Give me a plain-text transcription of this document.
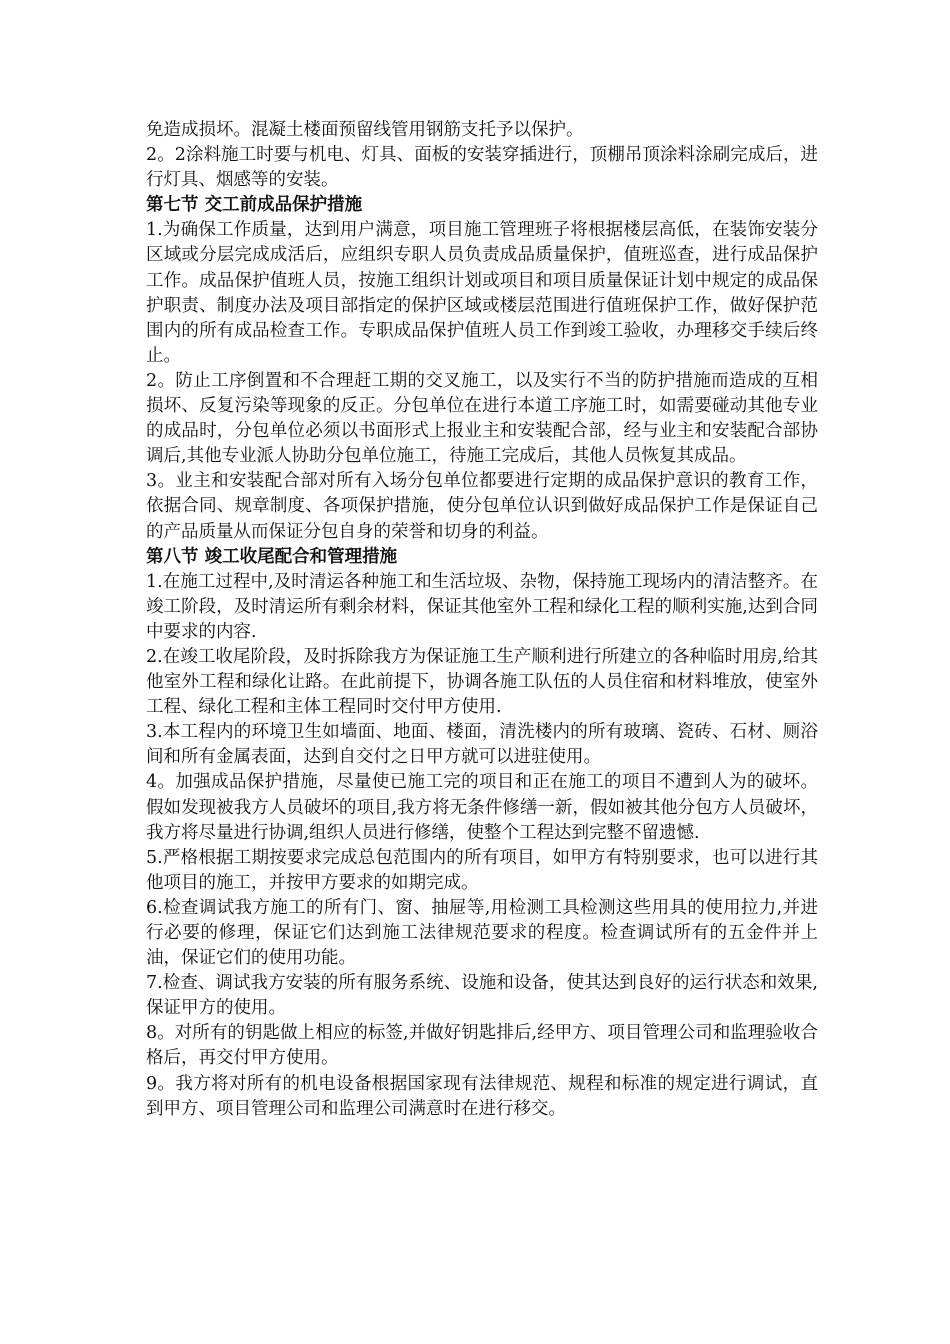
免造成损坏。混凝土楼面预留线管用钢筋支托予以保护。

2。2涂料施工时要与机电、灯具、面板的安装穿插进行，顶棚吊顶涂料涂刷完成后，进行灯具、烟感等的安装。

第七节 交工前成品保护措施

1.为确保工作质量，达到用户满意，项目施工管理班子将根据楼层高低，在装饰安装分区域或分层完成成活后，应组织专职人员负责成品质量保护，值班巡查，进行成品保护工作。成品保护值班人员，按施工组织计划或项目和项目质量保证计划中规定的成品保护职责、制度办法及项目部指定的保护区域或楼层范围进行值班保护工作，做好保护范围内的所有成品检查工作。专职成品保护值班人员工作到竣工验收，办理移交手续后终止。

2。防止工序倒置和不合理赶工期的交叉施工，以及实行不当的防护措施而造成的互相损坏、反复污染等现象的反正。分包单位在进行本道工序施工时，如需要碰动其他专业的成品时，分包单位必须以书面形式上报业主和安装配合部，经与业主和安装配合部协调后,其他专业派人协助分包单位施工，待施工完成后，其他人员恢复其成品。

3。业主和安装配合部对所有入场分包单位都要进行定期的成品保护意识的教育工作，依据合同、规章制度、各项保护措施，使分包单位认识到做好成品保护工作是保证自己的产品质量从而保证分包自身的荣誉和切身的利益。

第八节 竣工收尾配合和管理措施

1.在施工过程中,及时清运各种施工和生活垃圾、杂物，保持施工现场内的清洁整齐。在竣工阶段，及时清运所有剩余材料，保证其他室外工程和绿化工程的顺利实施,达到合同中要求的内容.

2.在竣工收尾阶段，及时拆除我方为保证施工生产顺利进行所建立的各种临时用房,给其他室外工程和绿化让路。在此前提下，协调各施工队伍的人员住宿和材料堆放，使室外工程、绿化工程和主体工程同时交付甲方使用.

3.本工程内的环境卫生如墙面、地面、楼面，清洗楼内的所有玻璃、瓷砖、石材、厕浴间和所有金属表面，达到自交付之日甲方就可以进驻使用。

4。加强成品保护措施，尽量使已施工完的项目和正在施工的项目不遭到人为的破坏。假如发现被我方人员破坏的项目,我方将无条件修缮一新，假如被其他分包方人员破坏，我方将尽量进行协调,组织人员进行修缮，使整个工程达到完整不留遗憾.

5.严格根据工期按要求完成总包范围内的所有项目，如甲方有特别要求，也可以进行其他项目的施工，并按甲方要求的如期完成。

6.检查调试我方施工的所有门、窗、抽屉等,用检测工具检测这些用具的使用拉力,并进行必要的修理，保证它们达到施工法律规范要求的程度。检查调试所有的五金件并上油，保证它们的使用功能。

7.检查、调试我方安装的所有服务系统、设施和设备，使其达到良好的运行状态和效果,保证甲方的使用。

8。对所有的钥匙做上相应的标签,并做好钥匙排后,经甲方、项目管理公司和监理验收合格后，再交付甲方使用。

9。我方将对所有的机电设备根据国家现有法律规范、规程和标准的规定进行调试，直到甲方、项目管理公司和监理公司满意时在进行移交。
